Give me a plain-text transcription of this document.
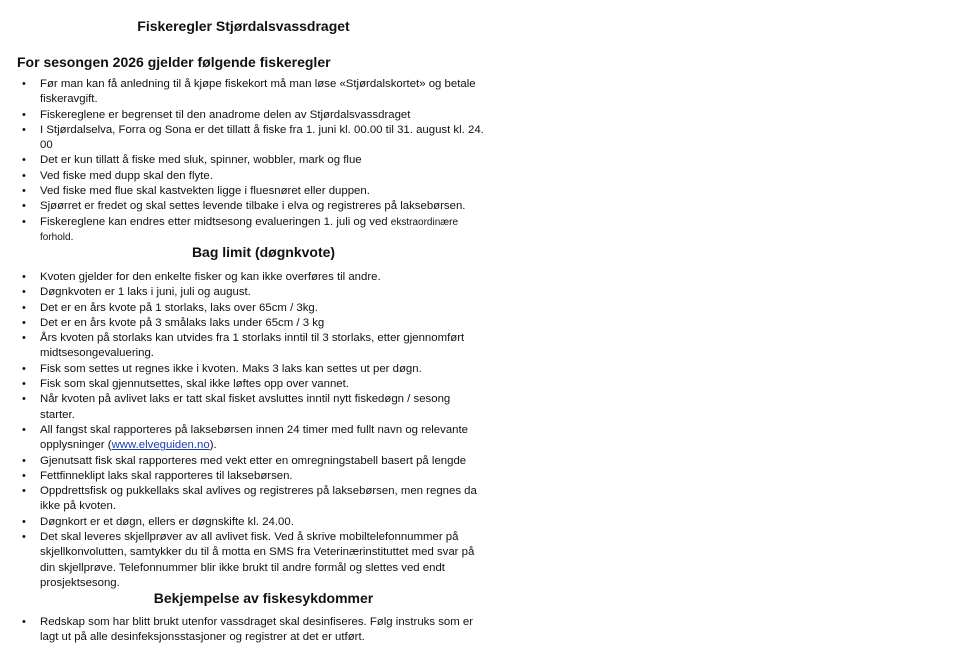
Fiskeregler Stjørdalsvassdraget
For sesongen 2026 gjelder følgende fiskeregler
• Før man kan få anledning til å kjøpe fiskekort må man løse «Stjørdalskortet» og betale fiskeravgift.
• Fiskereglene er begrenset til den anadrome delen av Stjørdalsvassdraget
• I Stjørdalselva, Forra og Sona er det tillatt å fiske fra 1. juni kl. 00.00 til 31. august kl. 24. 00
• Det er kun tillatt å fiske med sluk, spinner, wobbler, mark og flue
• Ved fiske med dupp skal den flyte.
• Ved fiske med flue skal kastvekten ligge i fluesnøret eller duppen.
• Sjøørret er fredet og skal settes levende tilbake i elva og registreres på laksebørsen.
• Fiskereglene kan endres etter midtsesong evalueringen 1. juli og ved ekstraordinære forhold.
Bag limit (døgnkvote)
• Kvoten gjelder for den enkelte fisker og kan ikke overføres til andre.
• Døgnkvoten er 1 laks i juni, juli og august.
• Det er en års kvote på 1 storlaks, laks over 65cm / 3kg.
• Det er en års kvote på 3 smålaks laks under 65cm / 3 kg
• Års kvoten på storlaks kan utvides fra 1 storlaks inntil til 3 storlaks, etter gjennomført midtsesongevaluering.
• Fisk som settes ut regnes ikke i kvoten. Maks 3 laks kan settes ut per døgn.
• Fisk som skal gjennutsettes, skal ikke løftes opp over vannet.
• Når kvoten på avlivet laks er tatt skal fisket avsluttes inntil nytt fiskedøgn / sesong starter.
• All fangst skal rapporteres på laksebørsen innen 24 timer med fullt navn og relevante opplysninger (www.elveguiden.no).
• Gjenutsatt fisk skal rapporteres med vekt etter en omregningstabell basert på lengde
• Fettfinneklipt laks skal rapporteres til laksebørsen.
• Oppdrettsfisk og pukkellaks skal avlives og registreres på laksebørsen, men regnes da ikke på kvoten.
• Døgnkort er et døgn, ellers er døgnskifte kl. 24.00.
• Det skal leveres skjellprøver av all avlivet fisk. Ved å skrive mobiltelefonnummer på skjellkonvolutten, samtykker du til å motta en SMS fra Veterinærinstituttet med svar på din skjellprøve. Telefonnummer blir ikke brukt til andre formål og slettes ved endt prosjektsesong.
Bekjempelse av fiskesykdommer
• Redskap som har blitt brukt utenfor vassdraget skal desinfiseres. Følg instruks som er lagt ut på alle desinfeksjonsstasjoner og registrer at det er utført.
